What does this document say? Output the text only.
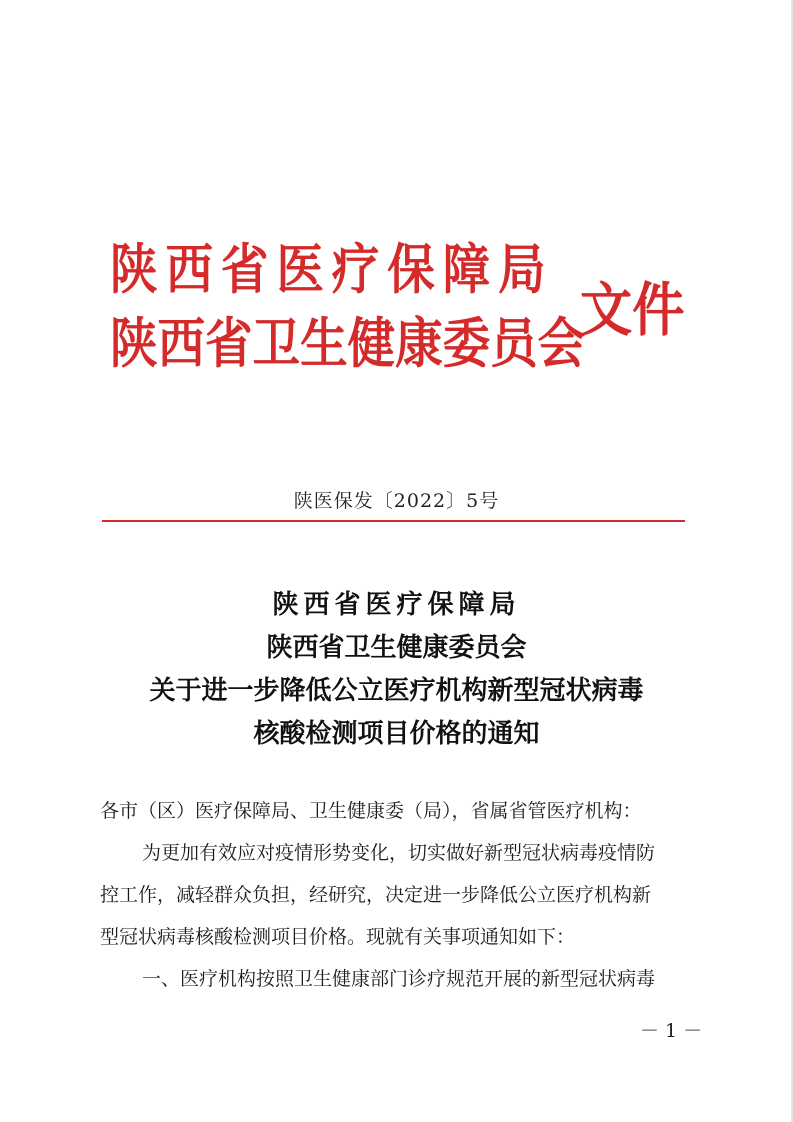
陕西省医疗保障局
陕西省卫生健康委员会
文件
陕医保发〔2022〕5号
陕西省医疗保障局
陕西省卫生健康委员会
关于进一步降低公立医疗机构新型冠状病毒
核酸检测项目价格的通知

各市（区）医疗保障局、卫生健康委（局），省属省管医疗机构：

为更加有效应对疫情形势变化，切实做好新型冠状病毒疫情防

控工作，减轻群众负担，经研究，决定进一步降低公立医疗机构新

型冠状病毒核酸检测项目价格。现就有关事项通知如下：

一、医疗机构按照卫生健康部门诊疗规范开展的新型冠状病毒

－ 1 －
